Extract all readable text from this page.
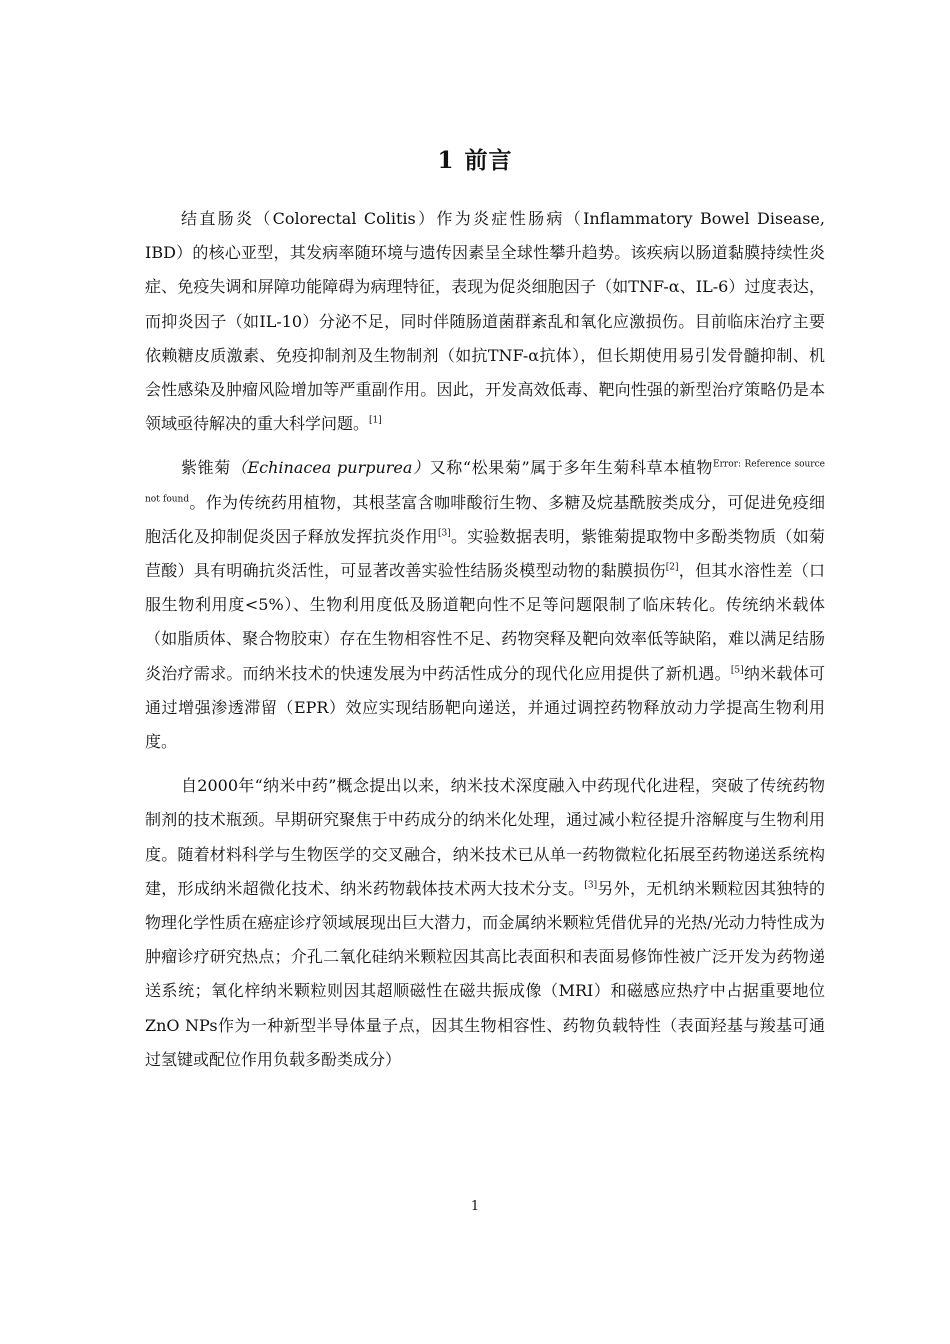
1 前言

结直肠炎（Colorectal Colitis）作为炎症性肠病（Inflammatory Bowel Disease, IBD）的核心亚型，其发病率随环境与遗传因素呈全球性攀升趋势。该疾病以肠道黏膜持续性炎症、免疫失调和屏障功能障碍为病理特征，表现为促炎细胞因子（如TNF-α、IL-6）过度表达，而抑炎因子（如IL-10）分泌不足，同时伴随肠道菌群紊乱和氧化应激损伤。目前临床治疗主要依赖糖皮质激素、免疫抑制剂及生物制剂（如抗TNF-α抗体），但长期使用易引发骨髓抑制、机会性感染及肿瘤风险增加等严重副作用。因此，开发高效低毒、靶向性强的新型治疗策略仍是本领域亟待解决的重大科学问题。[1]

紫锥菊（Echinacea purpurea）又称“松果菊”属于多年生菊科草本植物$^{Error: Reference source not found}$。作为传统药用植物，其根茎富含咖啡酸衍生物、多糖及烷基酰胺类成分，可促进免疫细胞活化及抑制促炎因子释放发挥抗炎作用[3]。实验数据表明，紫锥菊提取物中多酚类物质（如菊苣酸）具有明确抗炎活性，可显著改善实验性结肠炎模型动物的黏膜损伤[2]，但其水溶性差（口服生物利用度<5%）、生物利用度低及肠道靶向性不足等问题限制了临床转化。传统纳米载体（如脂质体、聚合物胶束）存在生物相容性不足、药物突释及靶向效率低等缺陷，难以满足结肠炎治疗需求。而纳米技术的快速发展为中药活性成分的现代化应用提供了新机遇。[5]纳米载体可通过增强渗透滞留（EPR）效应实现结肠靶向递送，并通过调控药物释放动力学提高生物利用度。

自2000年“纳米中药”概念提出以来，纳米技术深度融入中药现代化进程，突破了传统药物制剂的技术瓶颈。早期研究聚焦于中药成分的纳米化处理，通过减小粒径提升溶解度与生物利用度。随着材料科学与生物医学的交叉融合，纳米技术已从单一药物微粒化拓展至药物递送系统构建，形成纳米超微化技术、纳米药物载体技术两大技术分支。[3]另外，无机纳米颗粒因其独特的物理化学性质在癌症诊疗领域展现出巨大潜力，而金属纳米颗粒凭借优异的光热/光动力特性成为肿瘤诊疗研究热点；介孔二氧化硅纳米颗粒因其高比表面积和表面易修饰性被广泛开发为药物递送系统；氧化梓纳米颗粒则因其超顺磁性在磁共振成像（MRI）和磁感应热疗中占据重要地位 ZnO NPs作为一种新型半导体量子点，因其生物相容性、药物负载特性（表面羟基与羧基可通过氢键或配位作用负载多酚类成分）

1
